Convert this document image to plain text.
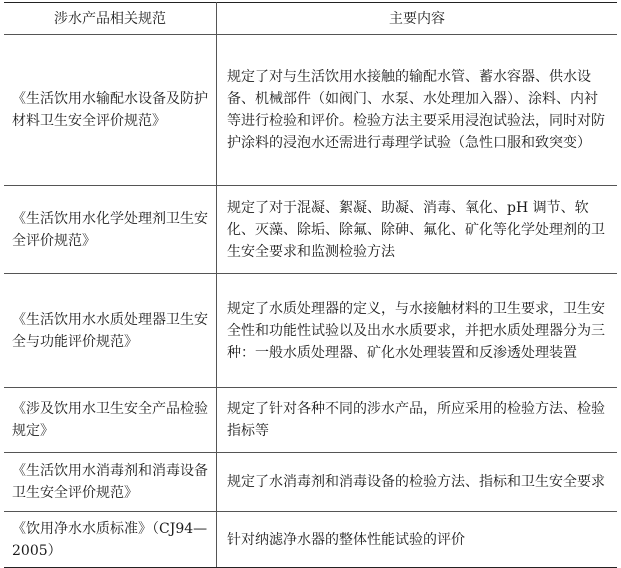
涉水产品相关规范	主要内容
《生活饮用水输配水设备及防护材料卫生安全评价规范》	规定了对与生活饮用水接触的输配水管、蓄水容器、供水设备、机械部件（如阀门、水泵、水处理加入器）、涂料、内衬等进行检验和评价。检验方法主要采用浸泡试验法，同时对防护涂料的浸泡水还需进行毒理学试验（急性口服和致突变）
《生活饮用水化学处理剂卫生安全评价规范》	规定了对于混凝、絮凝、助凝、消毒、氧化、pH 调节、软化、灭藻、除垢、除氟、除砷、氟化、矿化等化学处理剂的卫生安全要求和监测检验方法
《生活饮用水水质处理器卫生安全与功能评价规范》	规定了水质处理器的定义，与水接触材料的卫生要求，卫生安全性和功能性试验以及出水水质要求，并把水质处理器分为三种：一般水质处理器、矿化水处理装置和反渗透处理装置
《涉及饮用水卫生安全产品检验规定》	规定了针对各种不同的涉水产品，所应采用的检验方法、检验指标等
《生活饮用水消毒剂和消毒设备卫生安全评价规范》	规定了水消毒剂和消毒设备的检验方法、指标和卫生安全要求
《饮用净水水质标准》（CJ94—2005）	针对纳滤净水器的整体性能试验的评价
